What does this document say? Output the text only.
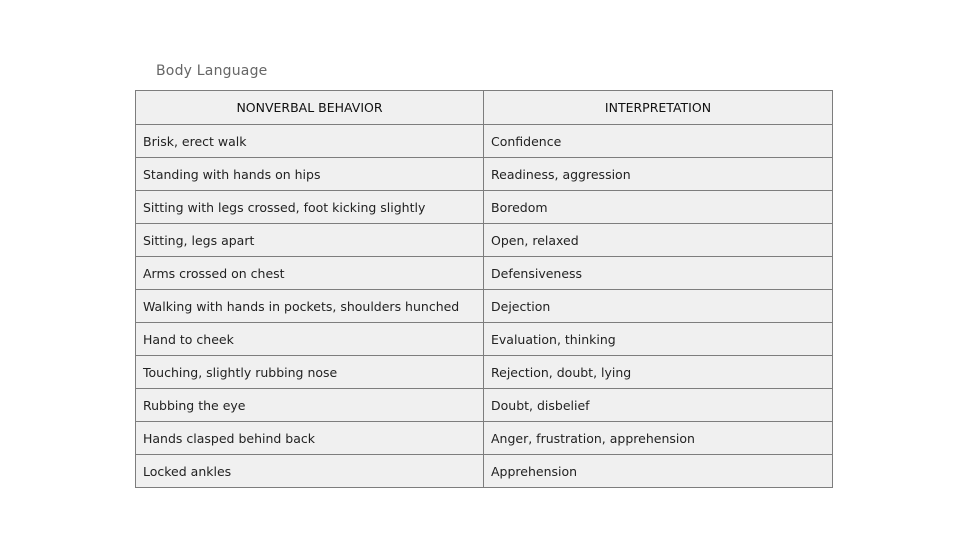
Body Language
NONVERBAL BEHAVIOR	INTERPRETATION
Brisk, erect walk	Confidence
Standing with hands on hips	Readiness, aggression
Sitting with legs crossed, foot kicking slightly	Boredom
Sitting, legs apart	Open, relaxed
Arms crossed on chest	Defensiveness
Walking with hands in pockets, shoulders hunched	Dejection
Hand to cheek	Evaluation, thinking
Touching, slightly rubbing nose	Rejection, doubt, lying
Rubbing the eye	Doubt, disbelief
Hands clasped behind back	Anger, frustration, apprehension
Locked ankles	Apprehension
